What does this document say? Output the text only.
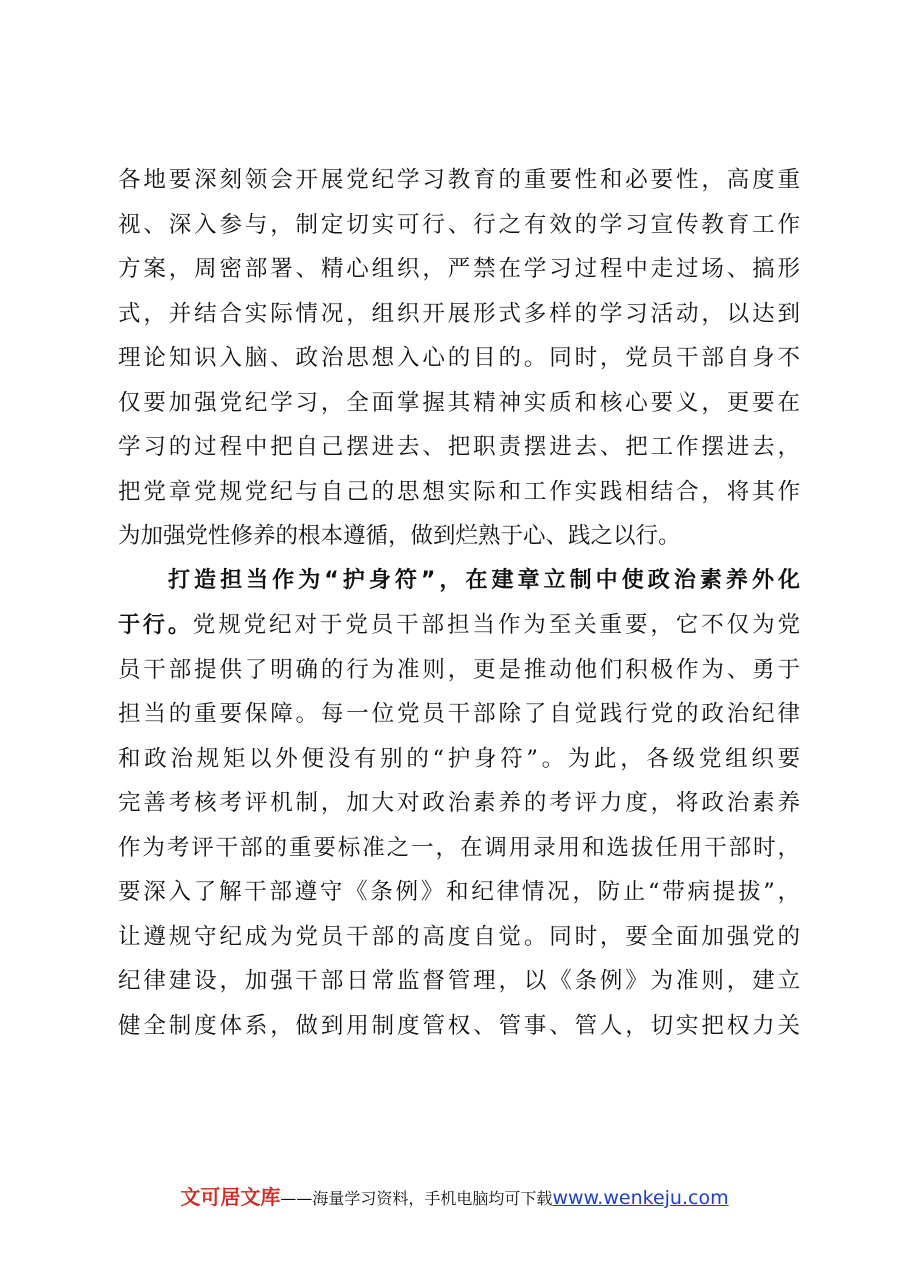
各地要深刻领会开展党纪学习教育的重要性和必要性，高度重
视、深入参与，制定切实可行、行之有效的学习宣传教育工作
方案，周密部署、精心组织，严禁在学习过程中走过场、搞形
式，并结合实际情况，组织开展形式多样的学习活动，以达到
理论知识入脑、政治思想入心的目的。同时，党员干部自身不
仅要加强党纪学习，全面掌握其精神实质和核心要义，更要在
学习的过程中把自己摆进去、把职责摆进去、把工作摆进去，
把党章党规党纪与自己的思想实际和工作实践相结合，将其作
为加强党性修养的根本遵循，做到烂熟于心、践之以行。
打造担当作为“护身符”，在建章立制中使政治素养外化
于行。党规党纪对于党员干部担当作为至关重要，它不仅为党
员干部提供了明确的行为准则，更是推动他们积极作为、勇于
担当的重要保障。每一位党员干部除了自觉践行党的政治纪律
和政治规矩以外便没有别的“护身符”。为此，各级党组织要
完善考核考评机制，加大对政治素养的考评力度，将政治素养
作为考评干部的重要标准之一，在调用录用和选拔任用干部时，
要深入了解干部遵守《条例》和纪律情况，防止“带病提拔”，
让遵规守纪成为党员干部的高度自觉。同时，要全面加强党的
纪律建设，加强干部日常监督管理，以《条例》为准则，建立
健全制度体系，做到用制度管权、管事、管人，切实把权力关
文可居文库——海量学习资料，手机电脑均可下载www.wenkeju.com
